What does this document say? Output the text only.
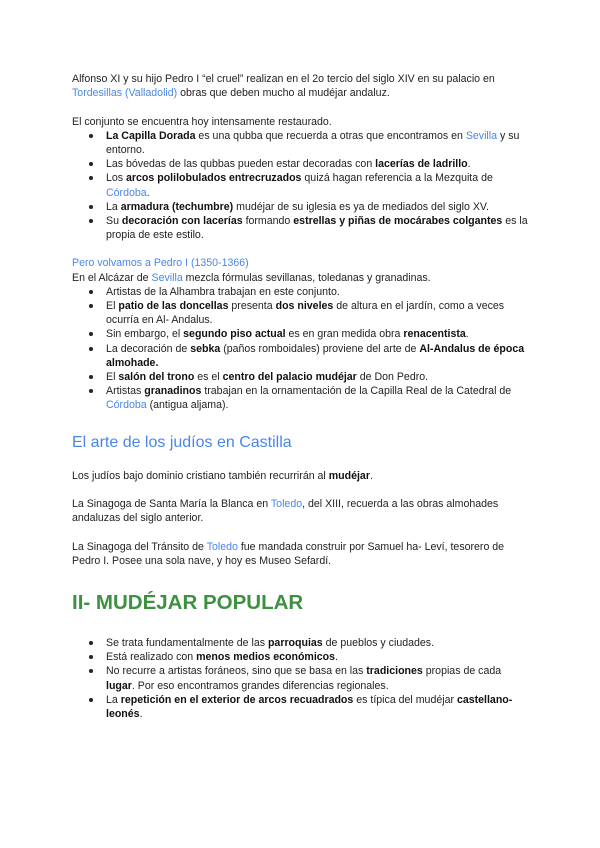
Alfonso XI y su hijo Pedro I “el cruel” realizan en el 2o tercio del siglo XIV en su palacio en Tordesillas (Valladolid) obras que deben mucho al mudéjar andaluz.

El conjunto se encuentra hoy intensamente restaurado.

La Capilla Dorada es una qubba que recuerda a otras que encontramos en Sevilla y su entorno.
Las bóvedas de las qubbas pueden estar decoradas con lacerías de ladrillo.
Los arcos polilobulados entrecruzados quizá hagan referencia a la Mezquita de Córdoba.
La armadura (techumbre) mudéjar de su iglesia es ya de mediados del siglo XV.
Su decoración con lacerías formando estrellas y piñas de mocárabes colgantes es la propia de este estilo.

Pero volvamos a Pedro I (1350-1366)

En el Alcázar de Sevilla mezcla fórmulas sevillanas, toledanas y granadinas.

Artistas de la Alhambra trabajan en este conjunto.
El patio de las doncellas presenta dos niveles de altura en el jardín, como a veces ocurría en Al- Andalus.
Sin embargo, el segundo piso actual es en gran medida obra renacentista.
La decoración de sebka (paños romboidales) proviene del arte de Al-Andalus de época almohade.
El salón del trono es el centro del palacio mudéjar de Don Pedro.
Artistas granadinos trabajan en la ornamentación de la Capilla Real de la Catedral de Córdoba (antigua aljama).

El arte de los judíos en Castilla

Los judíos bajo dominio cristiano también recurrirán al mudéjar.

La Sinagoga de Santa María la Blanca en Toledo, del XIII, recuerda a las obras almohades andaluzas del siglo anterior.

La Sinagoga del Tránsito de Toledo fue mandada construir por Samuel ha- Leví, tesorero de Pedro I. Posee una sola nave, y hoy es Museo Sefardí.

II- MUDÉJAR POPULAR

Se trata fundamentalmente de las parroquias de pueblos y ciudades.
Está realizado con menos medios económicos.
No recurre a artistas foráneos, sino que se basa en las tradiciones propias de cada lugar. Por eso encontramos grandes diferencias regionales.
La repetición en el exterior de arcos recuadrados es típica del mudéjar castellano-leonés.
